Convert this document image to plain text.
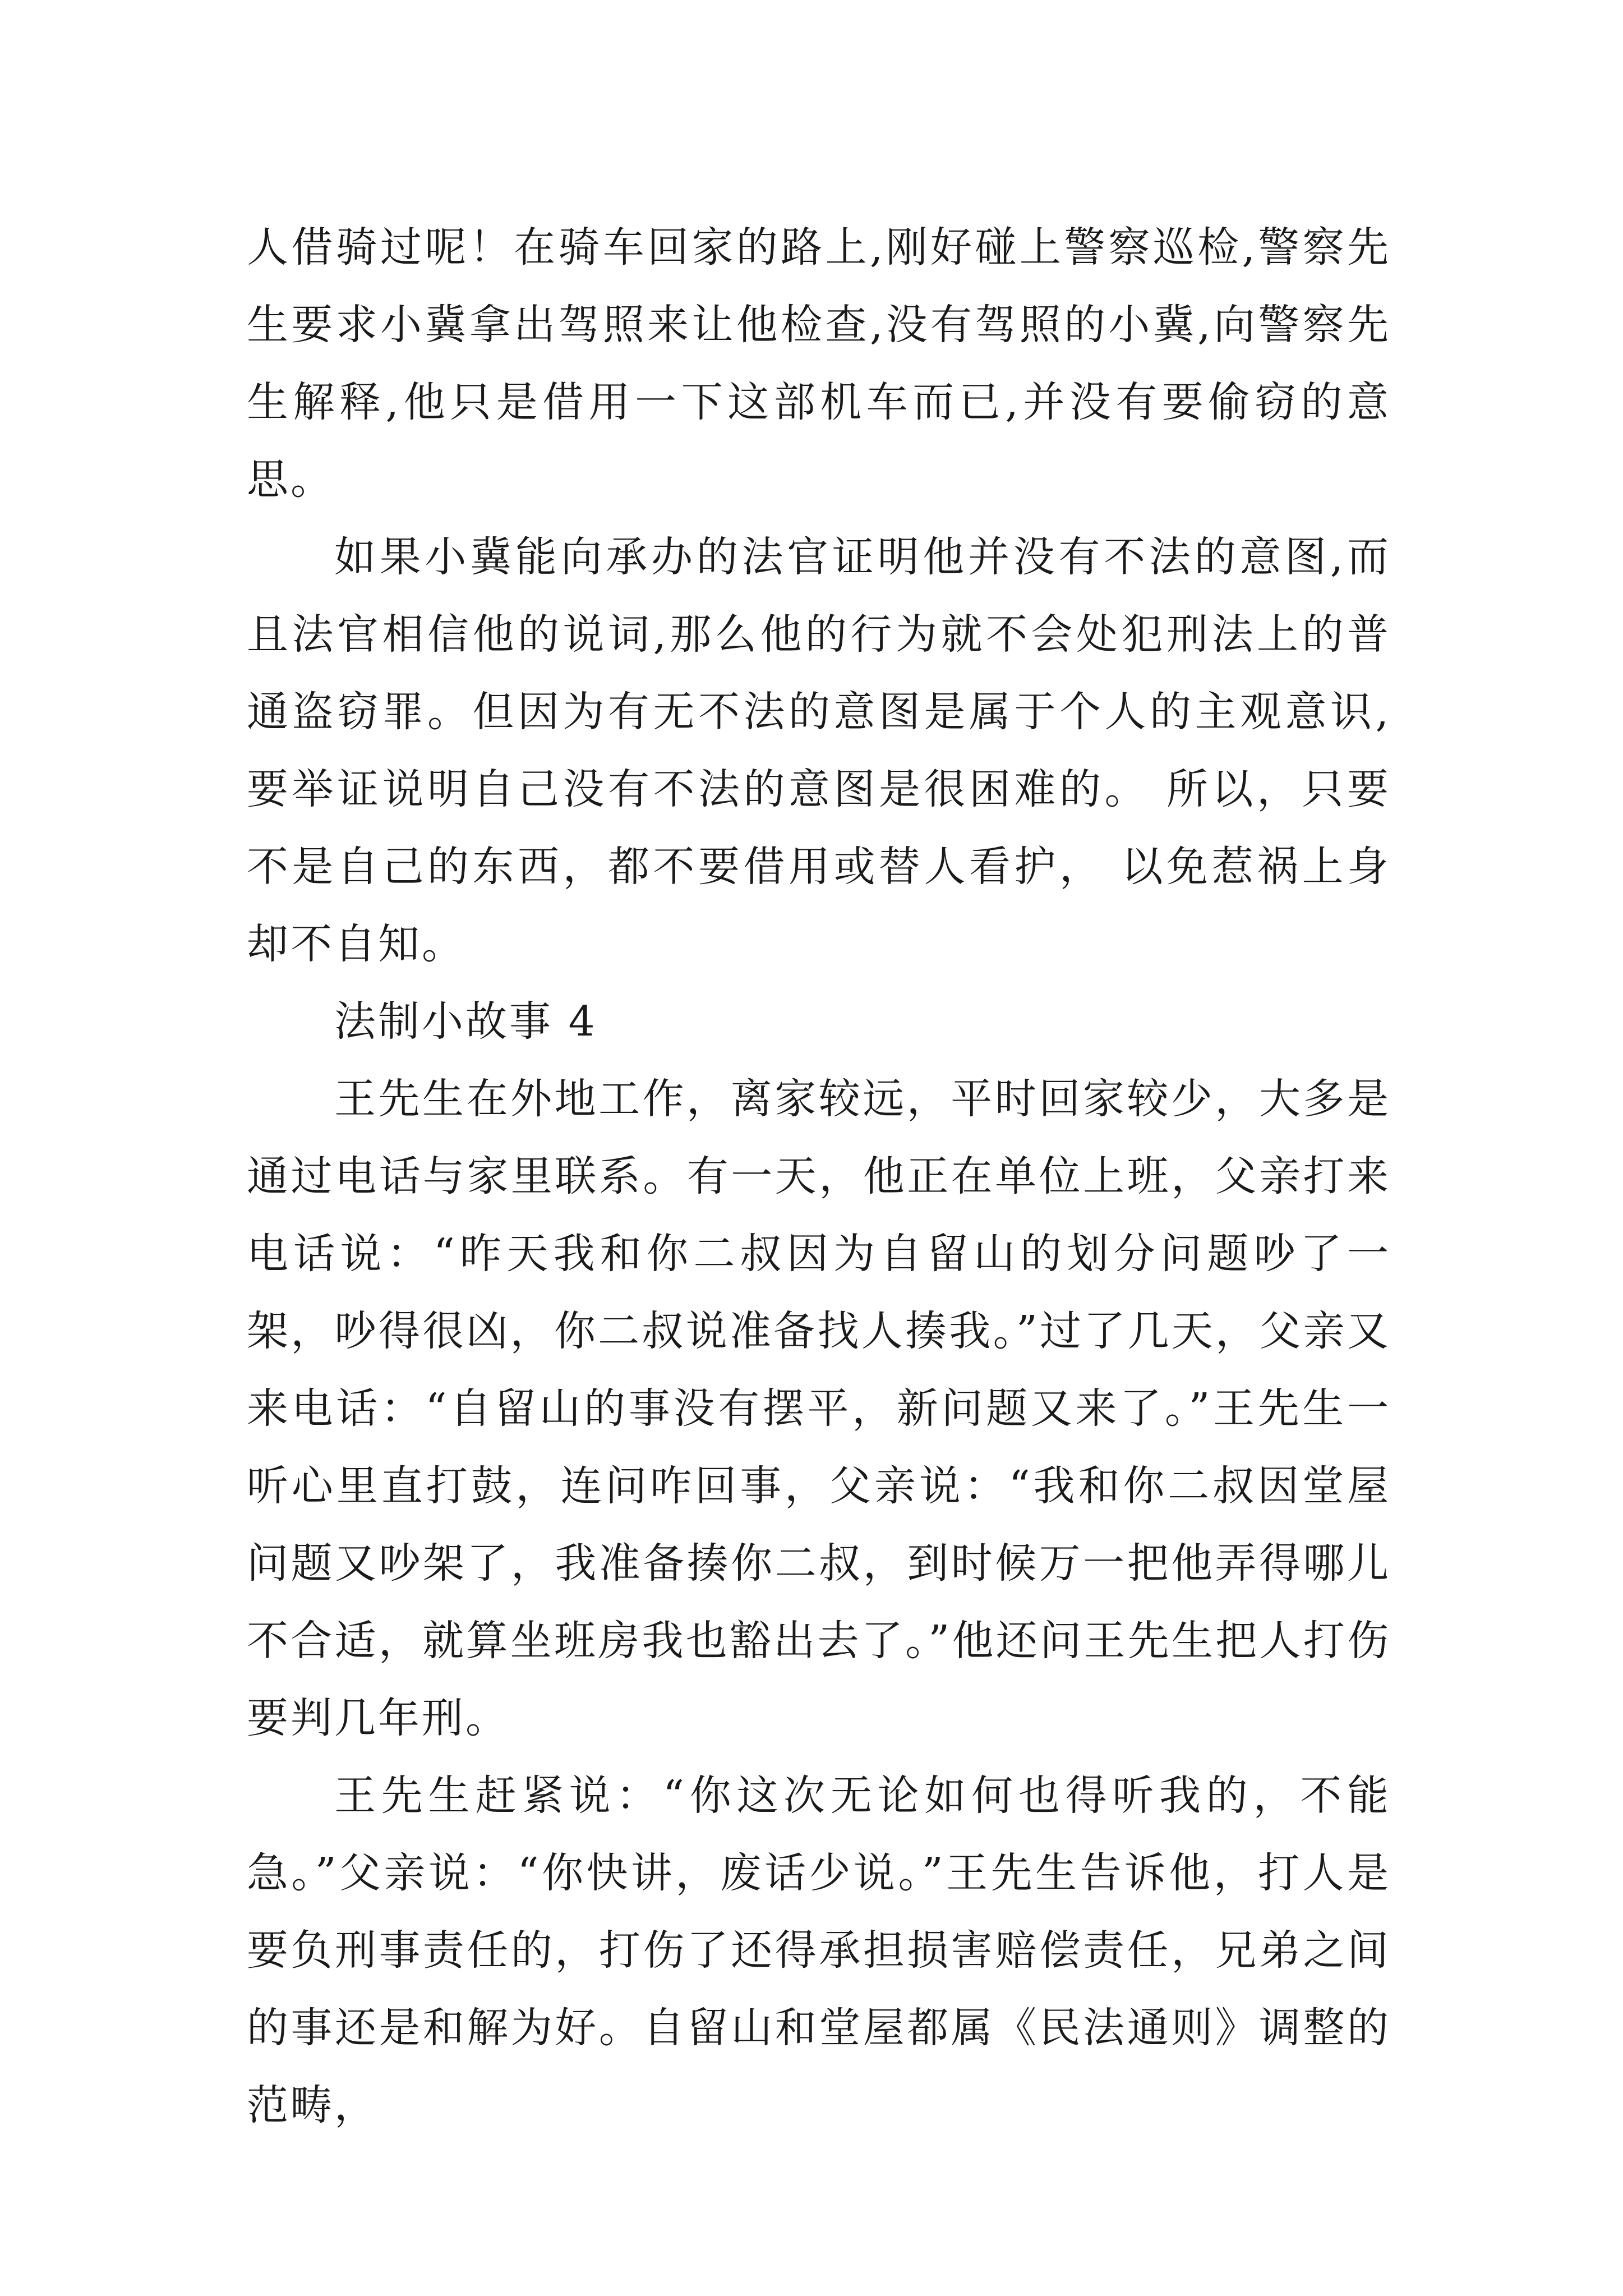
人借骑过呢！在骑车回家的路上,刚好碰上警察巡检,警察先生要求小冀拿出驾照来让他检查,没有驾照的小冀,向警察先生解释,他只是借用一下这部机车而已,并没有要偷窃的意思。

如果小冀能向承办的法官证明他并没有不法的意图,而且法官相信他的说词,那么他的行为就不会处犯刑法上的普通盗窃罪。但因为有无不法的意图是属于个人的主观意识,要举证说明自己没有不法的意图是很困难的。 所以，只要不是自己的东西，都不要借用或替人看护， 以免惹祸上身却不自知。

法制小故事 4

王先生在外地工作，离家较远，平时回家较少，大多是通过电话与家里联系。有一天，他正在单位上班，父亲打来电话说：“昨天我和你二叔因为自留山的划分问题吵了一架，吵得很凶，你二叔说准备找人揍我。”过了几天，父亲又来电话：“自留山的事没有摆平，新问题又来了。”王先生一听心里直打鼓，连问咋回事，父亲说：“我和你二叔因堂屋问题又吵架了，我准备揍你二叔，到时候万一把他弄得哪儿不合适，就算坐班房我也豁出去了。”他还问王先生把人打伤要判几年刑。

王先生赶紧说：“你这次无论如何也得听我的，不能急。”父亲说：“你快讲，废话少说。”王先生告诉他，打人是要负刑事责任的，打伤了还得承担损害赔偿责任，兄弟之间的事还是和解为好。自留山和堂屋都属《民法通则》调整的范畴，
